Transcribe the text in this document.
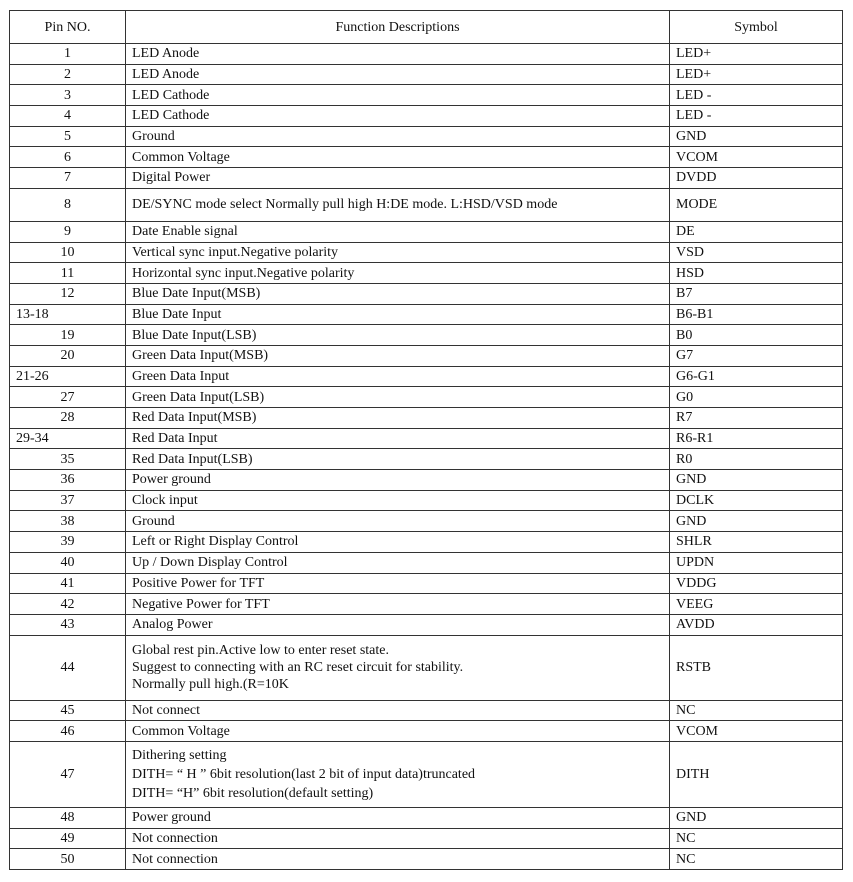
Pin NO.	Function Descriptions	Symbol
1	LED Anode	LED+
2	LED Anode	LED+
3	LED Cathode	LED -
4	LED Cathode	LED -
5	Ground	GND
6	Common Voltage	VCOM
7	Digital Power	DVDD
8	DE/SYNC mode select Normally pull high H:DE mode. L:HSD/VSD mode	MODE
9	Date Enable signal	DE
10	Vertical sync input.Negative polarity	VSD
11	Horizontal sync input.Negative polarity	HSD
12	Blue Date Input(MSB)	B7
13-18	Blue Date Input	B6-B1
19	Blue Date Input(LSB)	B0
20	Green Data Input(MSB)	G7
21-26	Green Data Input	G6-G1
27	Green Data Input(LSB)	G0
28	Red Data Input(MSB)	R7
29-34	Red Data Input	R6-R1
35	Red Data Input(LSB)	R0
36	Power ground	GND
37	Clock input	DCLK
38	Ground	GND
39	Left or Right Display Control	SHLR
40	Up / Down Display Control	UPDN
41	Positive Power for TFT	VDDG
42	Negative Power for TFT	VEEG
43	Analog Power	AVDD
44	Global rest pin.Active low to enter reset state.
Suggest to connecting with an RC reset circuit for stability.
Normally pull high.(R=10K	RSTB
45	Not connect	NC
46	Common Voltage	VCOM
47	Dithering setting
DITH= “ H ” 6bit resolution(last 2 bit of input data)truncated
DITH= “H” 6bit resolution(default setting)	DITH
48	Power ground	GND
49	Not connection	NC
50	Not connection	NC
